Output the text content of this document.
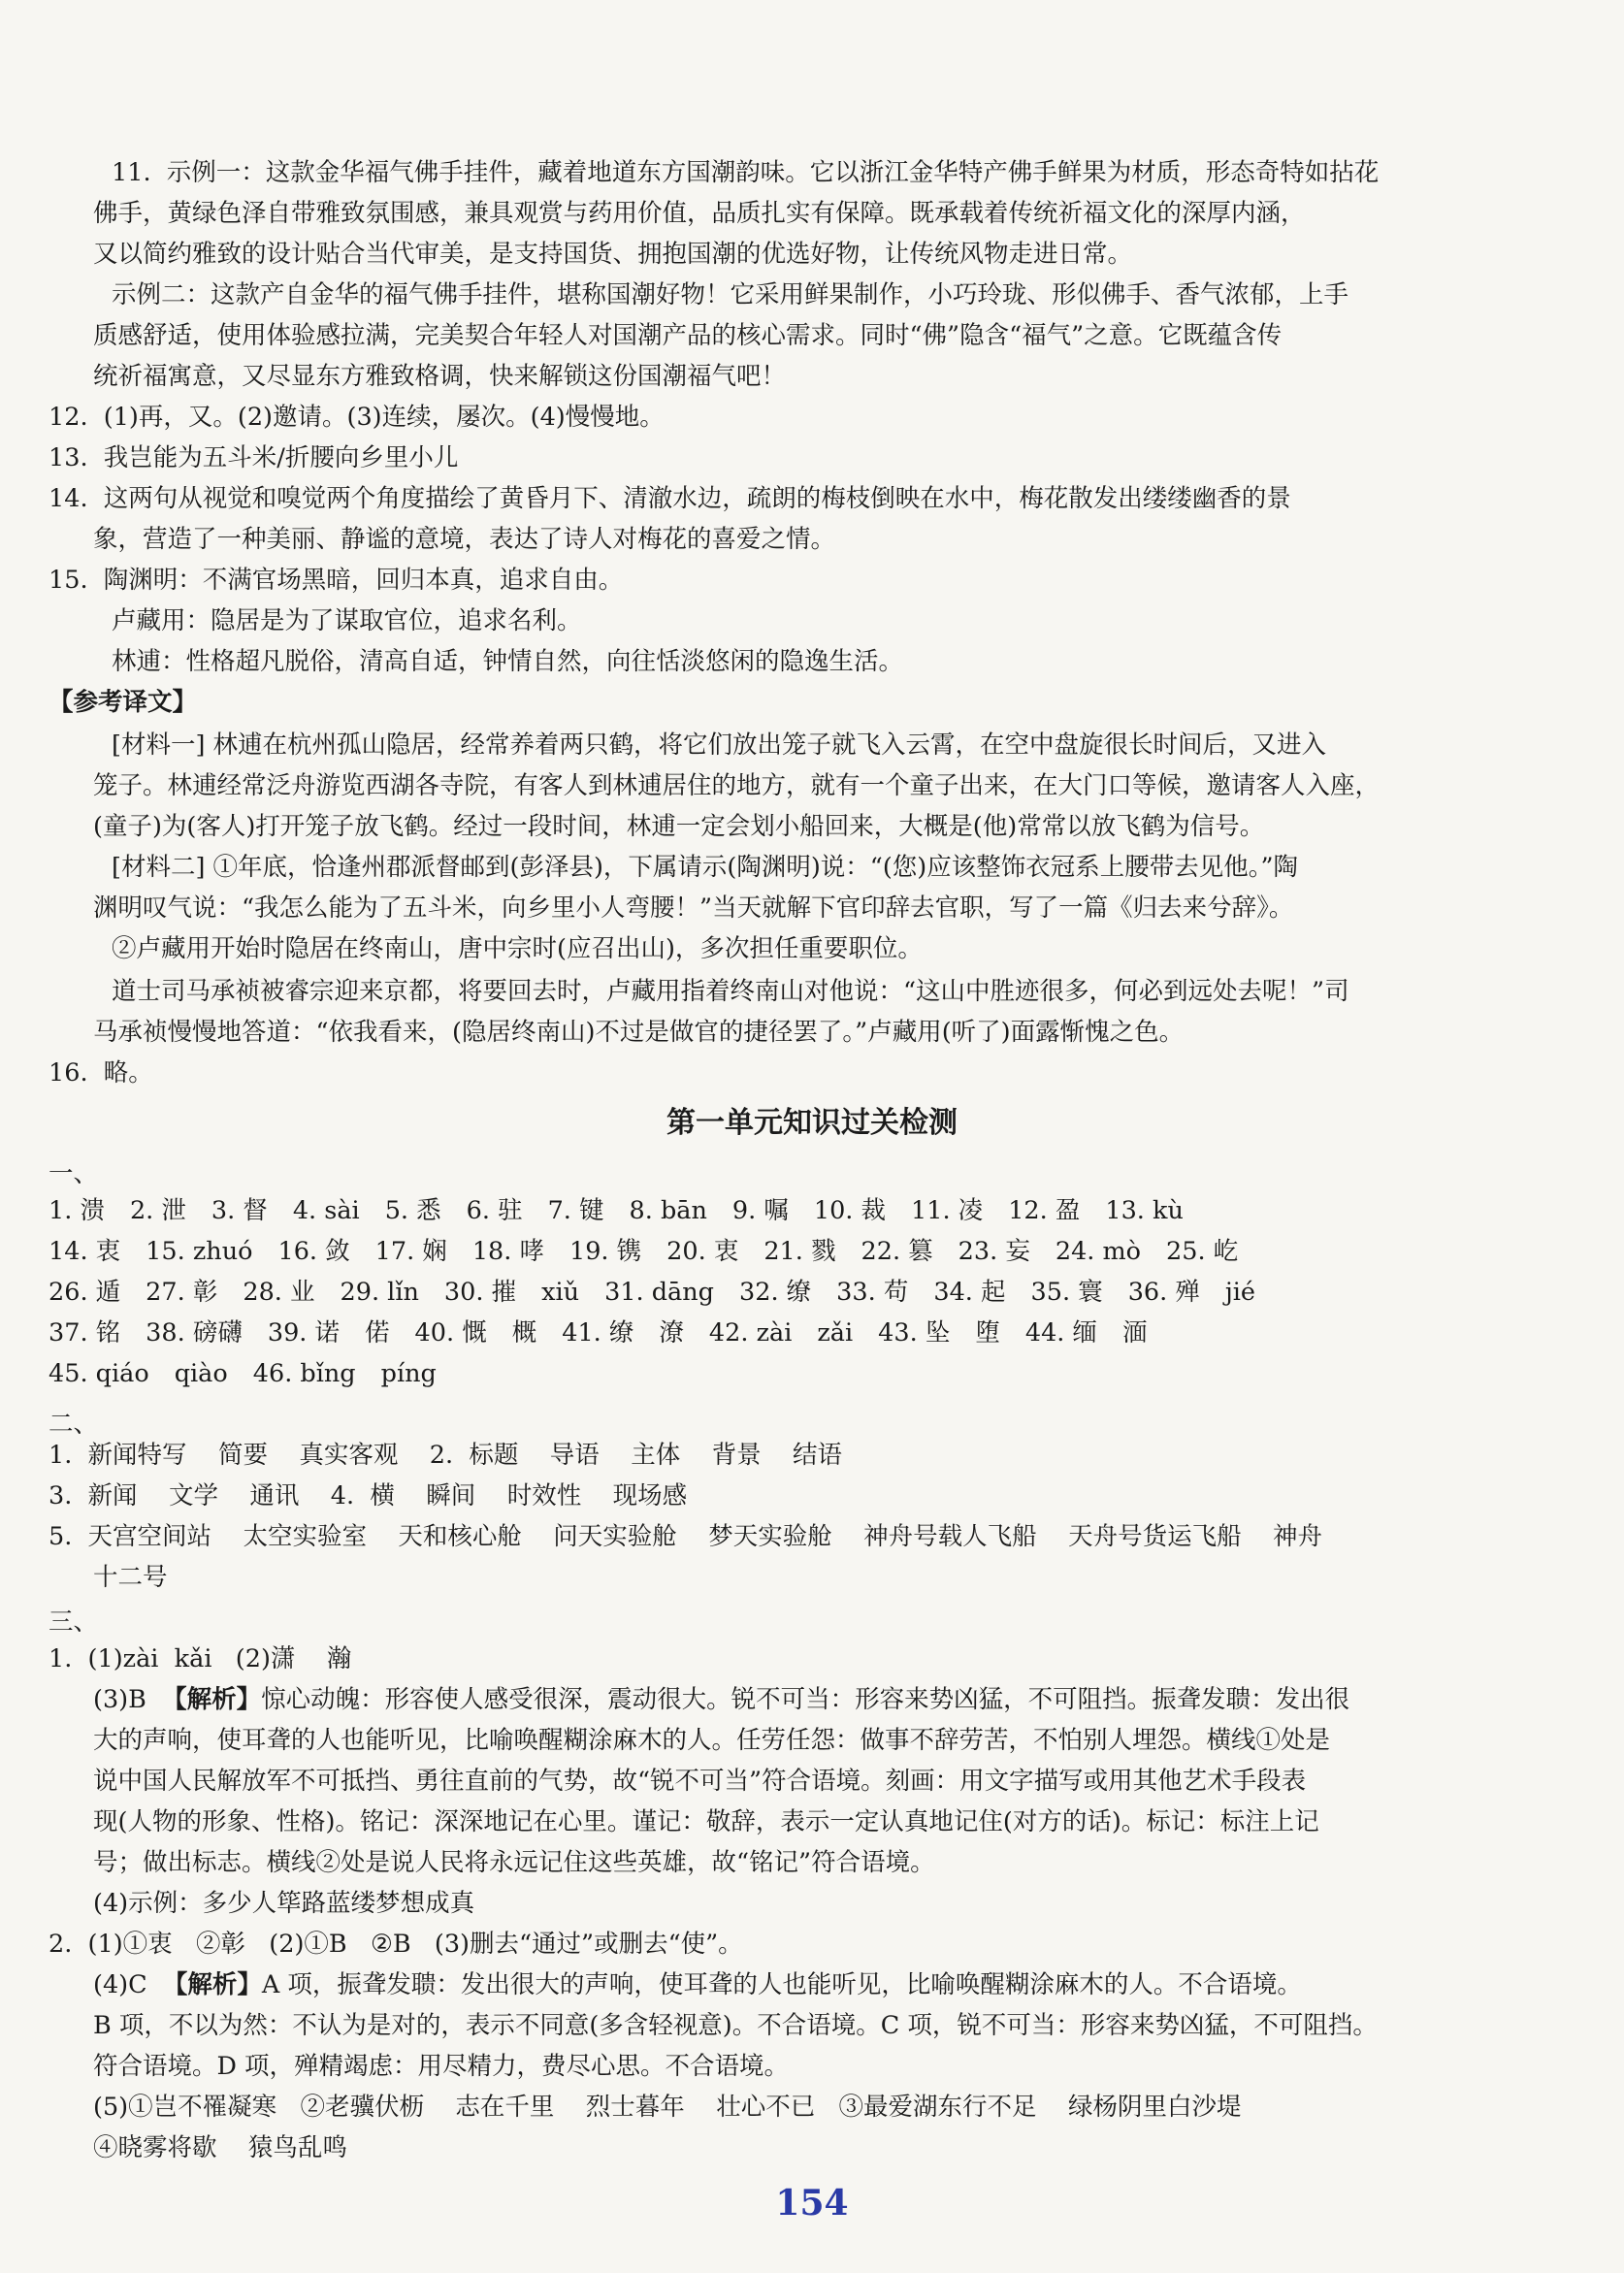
11.  示例一：这款金华福气佛手挂件，藏着地道东方国潮韵味。它以浙江金华特产佛手鲜果为材质，形态奇特如拈花
佛手，黄绿色泽自带雅致氛围感，兼具观赏与药用价值，品质扎实有保障。既承载着传统祈福文化的深厚内涵，
又以简约雅致的设计贴合当代审美，是支持国货、拥抱国潮的优选好物，让传统风物走进日常。
示例二：这款产自金华的福气佛手挂件，堪称国潮好物！它采用鲜果制作，小巧玲珑、形似佛手、香气浓郁，上手
质感舒适，使用体验感拉满，完美契合年轻人对国潮产品的核心需求。同时“佛”隐含“福气”之意。它既蕴含传
统祈福寓意，又尽显东方雅致格调，快来解锁这份国潮福气吧！
12.  (1)再，又。(2)邀请。(3)连续，屡次。(4)慢慢地。
13.  我岂能为五斗米/折腰向乡里小儿
14.  这两句从视觉和嗅觉两个角度描绘了黄昏月下、清澈水边，疏朗的梅枝倒映在水中，梅花散发出缕缕幽香的景
象，营造了一种美丽、静谧的意境，表达了诗人对梅花的喜爱之情。
15.  陶渊明：不满官场黑暗，回归本真，追求自由。
卢藏用：隐居是为了谋取官位，追求名利。
林逋：性格超凡脱俗，清高自适，钟情自然，向往恬淡悠闲的隐逸生活。
【参考译文】
[材料一] 林逋在杭州孤山隐居，经常养着两只鹤，将它们放出笼子就飞入云霄，在空中盘旋很长时间后，又进入
笼子。林逋经常泛舟游览西湖各寺院，有客人到林逋居住的地方，就有一个童子出来，在大门口等候，邀请客人入座，
(童子)为(客人)打开笼子放飞鹤。经过一段时间，林逋一定会划小船回来，大概是(他)常常以放飞鹤为信号。
[材料二] ①年底，恰逢州郡派督邮到(彭泽县)，下属请示(陶渊明)说：“(您)应该整饰衣冠系上腰带去见他。”陶
渊明叹气说：“我怎么能为了五斗米，向乡里小人弯腰！”当天就解下官印辞去官职，写了一篇《归去来兮辞》。
②卢藏用开始时隐居在终南山，唐中宗时(应召出山)，多次担任重要职位。
道士司马承祯被睿宗迎来京都，将要回去时，卢藏用指着终南山对他说：“这山中胜迹很多，何必到远处去呢！”司
马承祯慢慢地答道：“依我看来，(隐居终南山)不过是做官的捷径罢了。”卢藏用(听了)面露惭愧之色。
16.  略。
第一单元知识过关检测
一、
1. 溃 2. 泄 3. 督 4. sài 5. 悉 6. 驻 7. 键 8. bān 9. 嘱 10. 裁 11. 凌 12. 盈 13. kù
14. 衷 15. zhuó 16. 敛 17. 娴 18. 哮 19. 镌 20. 衷 21. 戮 22. 篡 23. 妄 24. mò 25. 屹
26. 遁 27. 彰 28. 业 29. lǐn 30. 摧 xiǔ 31. dāng 32. 缭 33. 苟 34. 起 35. 寰 36. 殚 jié
37. 铭 38. 磅礴 39. 诺 偌 40. 慨 概 41. 缭 潦 42. zài zǎi 43. 坠 堕 44. 缅 湎
45. qiáo qiào 46. bǐng píng
二、
1.  新闻特写    简要    真实客观    2.  标题    导语    主体    背景    结语
3.  新闻    文学    通讯    4.  横    瞬间    时效性    现场感
5.  天宫空间站    太空实验室    天和核心舱    问天实验舱    梦天实验舱    神舟号载人飞船    天舟号货运飞船    神舟
十二号
三、
1.  (1)zài  kǎi   (2)潇    瀚
(3)B  【解析】惊心动魄：形容使人感受很深，震动很大。锐不可当：形容来势凶猛，不可阻挡。振聋发聩：发出很
大的声响，使耳聋的人也能听见，比喻唤醒糊涂麻木的人。任劳任怨：做事不辞劳苦，不怕别人埋怨。横线①处是
说中国人民解放军不可抵挡、勇往直前的气势，故“锐不可当”符合语境。刻画：用文字描写或用其他艺术手段表
现(人物的形象、性格)。铭记：深深地记在心里。谨记：敬辞，表示一定认真地记住(对方的话)。标记：标注上记
号；做出标志。横线②处是说人民将永远记住这些英雄，故“铭记”符合语境。
(4)示例：多少人筚路蓝缕梦想成真
2.  (1)①衷   ②彰   (2)①B   ②B   (3)删去“通过”或删去“使”。
(4)C  【解析】A 项，振聋发聩：发出很大的声响，使耳聋的人也能听见，比喻唤醒糊涂麻木的人。不合语境。
B 项，不以为然：不认为是对的，表示不同意(多含轻视意)。不合语境。C 项，锐不可当：形容来势凶猛，不可阻挡。
符合语境。D 项，殚精竭虑：用尽精力，费尽心思。不合语境。
(5)①岂不罹凝寒   ②老骥伏枥    志在千里    烈士暮年    壮心不已   ③最爱湖东行不足    绿杨阴里白沙堤
④晓雾将歇    猿鸟乱鸣
154
